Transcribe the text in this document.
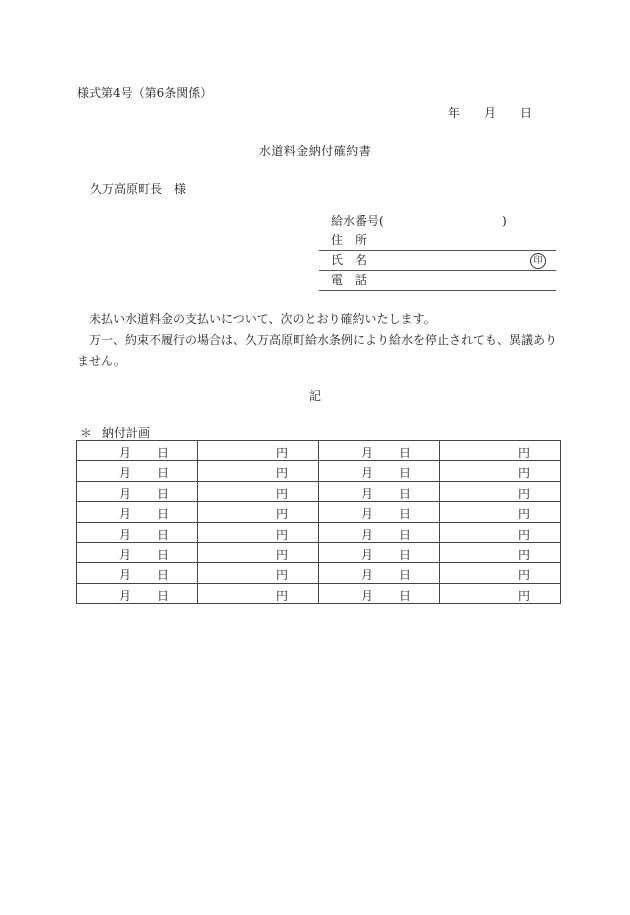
様式第4号（第6条関係）
年 月 日
水道料金納付確約書
久万高原町長　様
給水番号(	)
住　所
氏　名	印
電　話

未払い水道料金の支払いについて、次のとおり確約いたします。

万一、約束不履行の場合は、久万高原町給水条例により給水を停止されても、異議ありません。

記
＊ 納付計画
月 日	円	月 日	円

月 日	円	月 日	円

月 日	円	月 日	円

月 日	円	月 日	円

月 日	円	月 日	円

月 日	円	月 日	円

月 日	円	月 日	円

月 日	円	月 日	円
